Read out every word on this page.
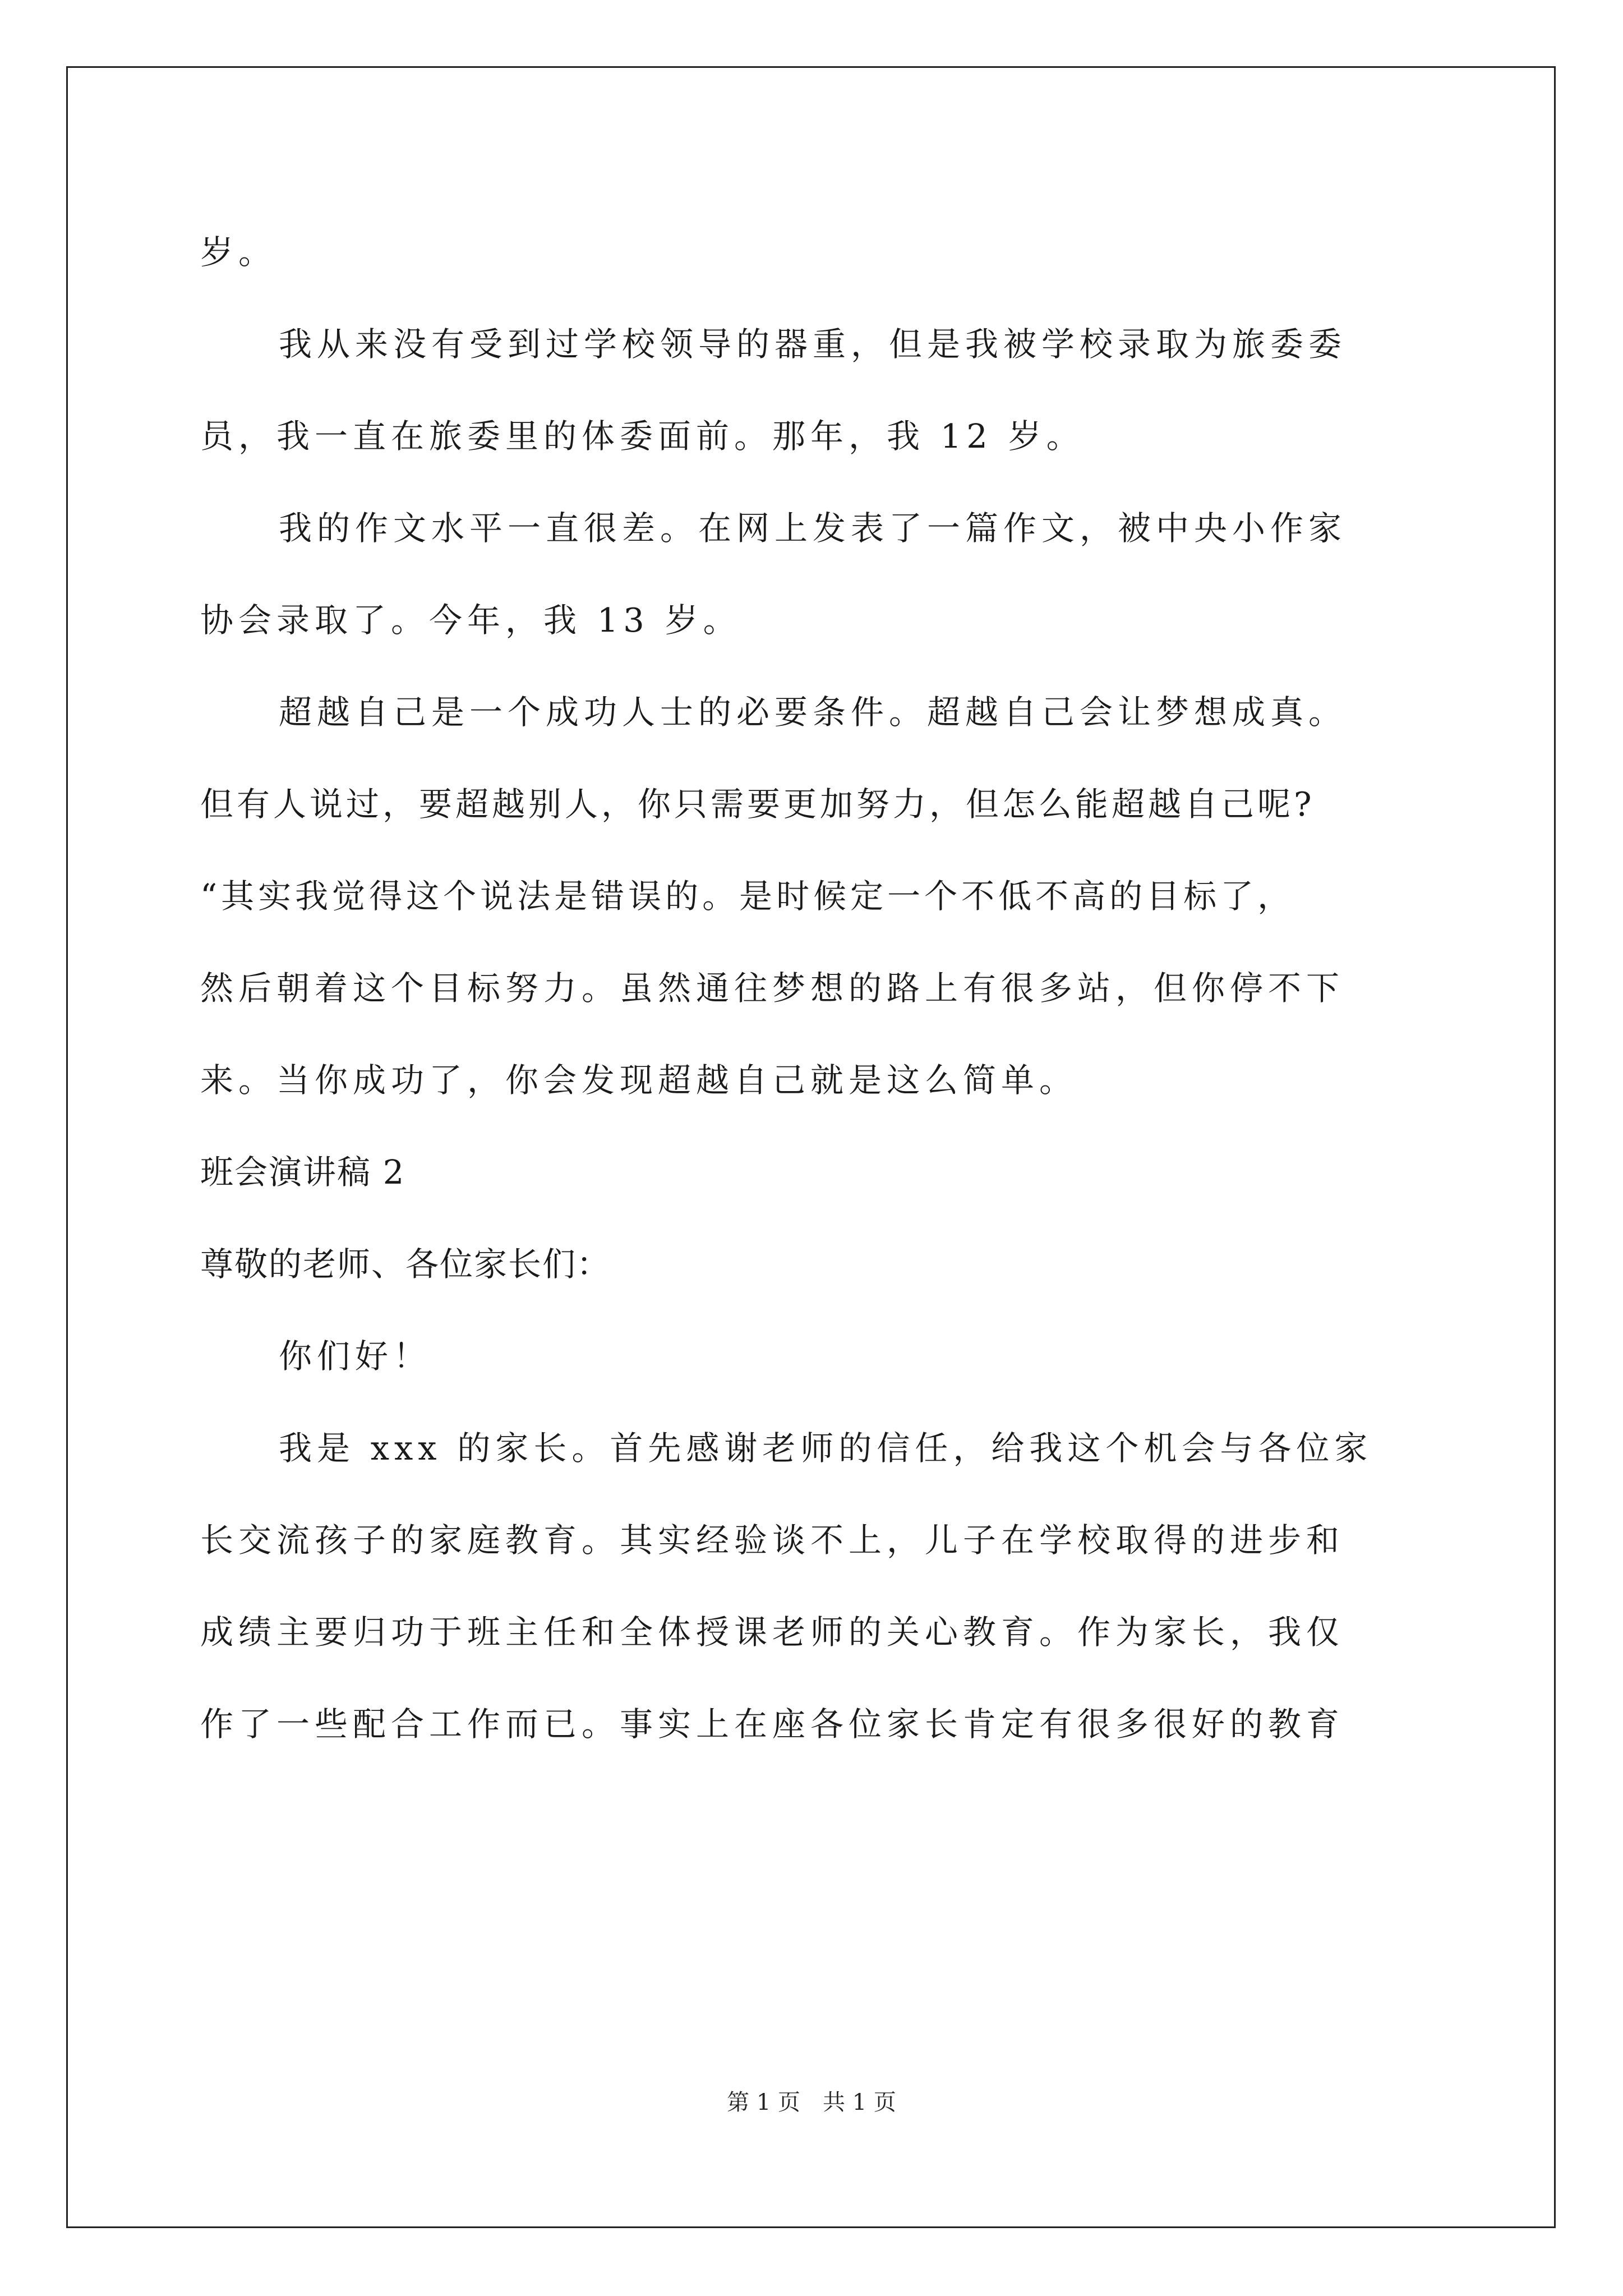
岁。
我从来没有受到过学校领导的器重，但是我被学校录取为旅委委
员，我一直在旅委里的体委面前。那年，我 12 岁。
我的作文水平一直很差。在网上发表了一篇作文，被中央小作家
协会录取了。今年，我 13 岁。
超越自己是一个成功人士的必要条件。超越自己会让梦想成真。
但有人说过，要超越别人，你只需要更加努力，但怎么能超越自己呢?
“其实我觉得这个说法是错误的。是时候定一个不低不高的目标了，
然后朝着这个目标努力。虽然通往梦想的路上有很多站，但你停不下
来。当你成功了，你会发现超越自己就是这么简单。
班会演讲稿 2
尊敬的老师、各位家长们：
你们好！
我是 xxx 的家长。首先感谢老师的信任，给我这个机会与各位家
长交流孩子的家庭教育。其实经验谈不上，儿子在学校取得的进步和
成绩主要归功于班主任和全体授课老师的关心教育。作为家长，我仅
作了一些配合工作而已。事实上在座各位家长肯定有很多很好的教育
第 1 页　共 1 页
